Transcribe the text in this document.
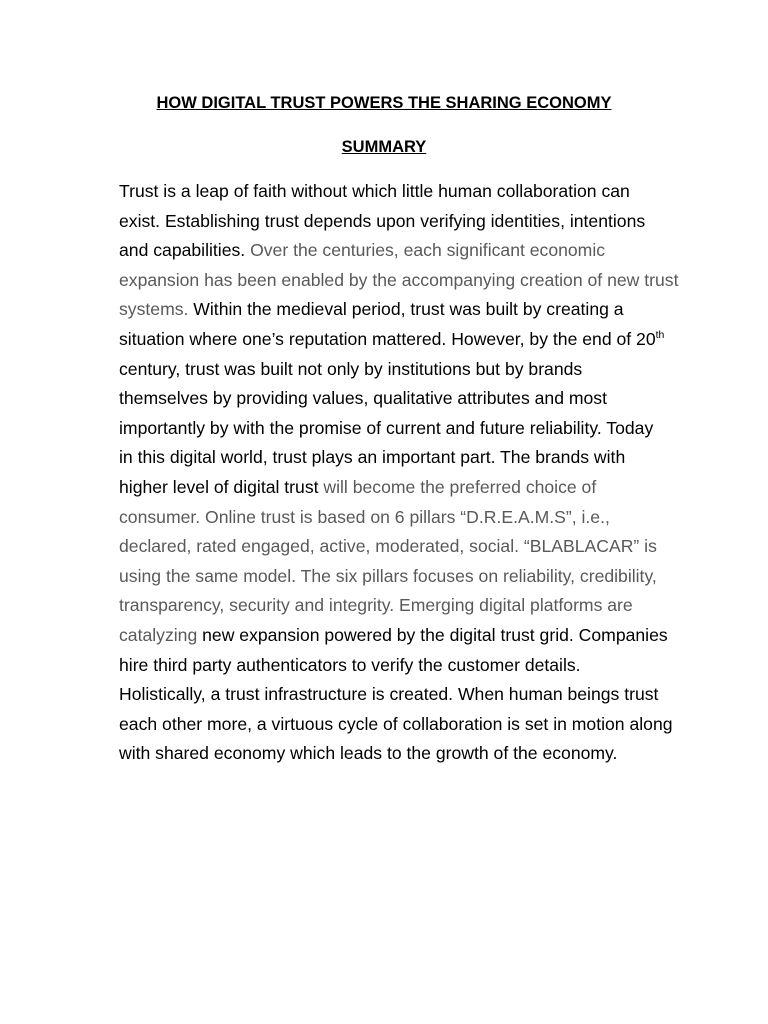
HOW DIGITAL TRUST POWERS THE SHARING ECONOMY
SUMMARY

Trust is a leap of faith without which little human collaboration can
exist. Establishing trust depends upon verifying identities, intentions
and capabilities. Over the centuries, each significant economic
expansion has been enabled by the accompanying creation of new trust
systems. Within the medieval period, trust was built by creating a
situation where one’s reputation mattered. However, by the end of 20th
century, trust was built not only by institutions but by brands
themselves by providing values, qualitative attributes and most
importantly by with the promise of current and future reliability. Today
in this digital world, trust plays an important part. The brands with
higher level of digital trust will become the preferred choice of
consumer. Online trust is based on 6 pillars “D.R.E.A.M.S”, i.e.,
declared, rated engaged, active, moderated, social. “BLABLACAR” is
using the same model. The six pillars focuses on reliability, credibility,
transparency, security and integrity. Emerging digital platforms are
catalyzing new expansion powered by the digital trust grid. Companies
hire third party authenticators to verify the customer details.
Holistically, a trust infrastructure is created. When human beings trust
each other more, a virtuous cycle of collaboration is set in motion along
with shared economy which leads to the growth of the economy.
